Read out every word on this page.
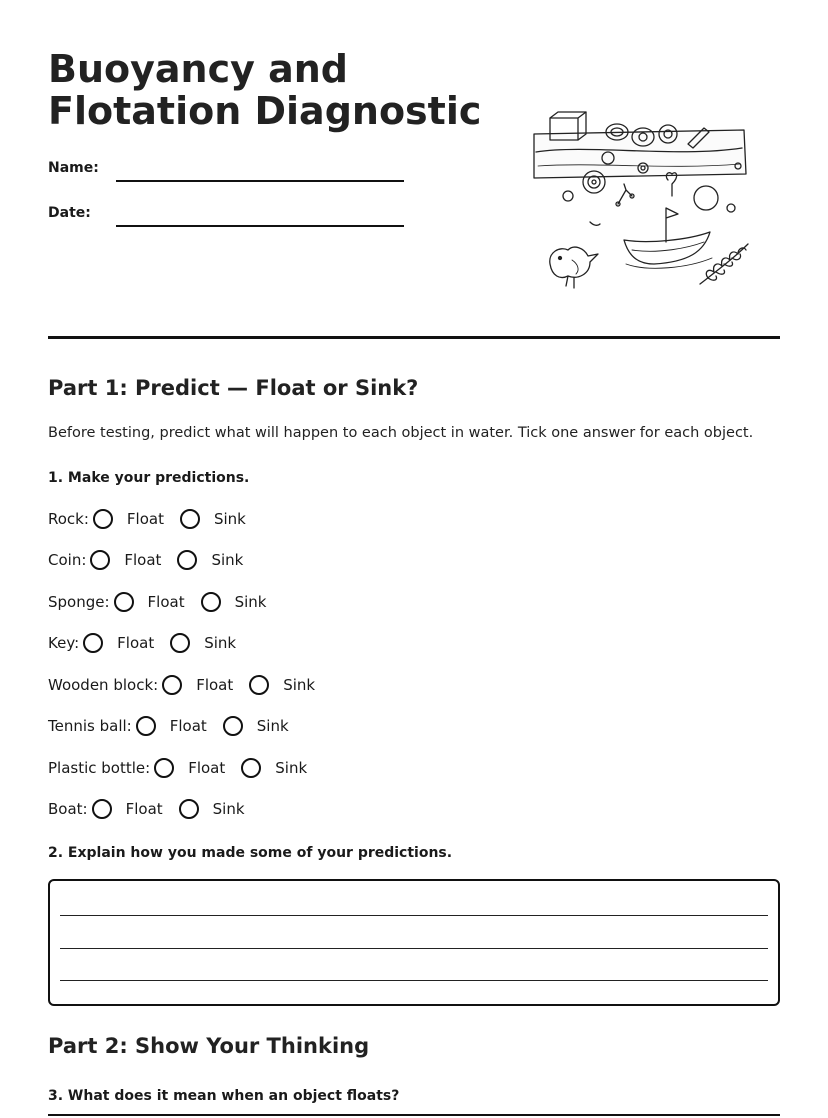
Buoyancy and Flotation Diagnostic
Name:
Date:
Part 1: Predict — Float or Sink?
Before testing, predict what will happen to each object in water. Tick one answer for each object.
1. Make your predictions.
Rock:	Float	Sink
Coin:	Float	Sink
Sponge:	Float	Sink
Key:	Float	Sink
Wooden block:	Float	Sink
Tennis ball:	Float	Sink
Plastic bottle:	Float	Sink
Boat:	Float	Sink
2. Explain how you made some of your predictions.
Part 2: Show Your Thinking
3. What does it mean when an object floats?
